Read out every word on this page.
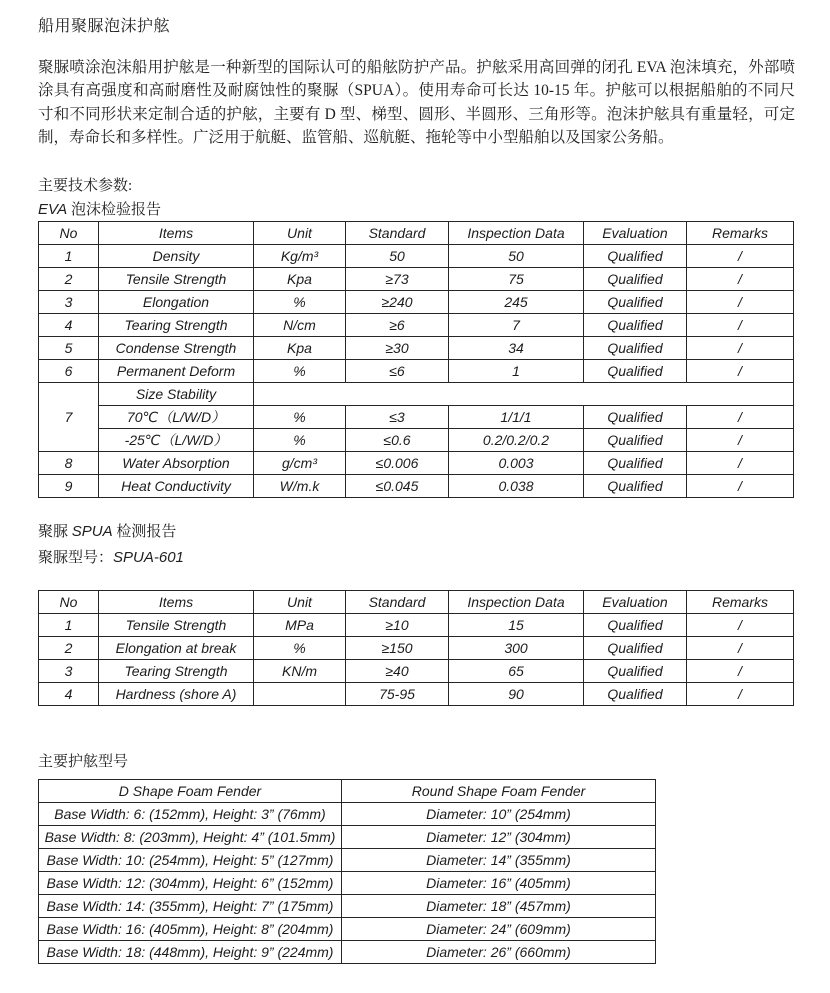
船用聚脲泡沫护舷
聚脲喷涂泡沫船用护舷是一种新型的国际认可的船舷防护产品。护舷采用高回弹的闭孔 EVA 泡沫填充，外部喷涂具有高强度和高耐磨性及耐腐蚀性的聚脲（SPUA）。使用寿命可长达 10-15 年。护舷可以根据船舶的不同尺寸和不同形状来定制合适的护舷，主要有 D 型、梯型、圆形、半圆形、三角形等。泡沫护舷具有重量轻，可定制，寿命长和多样性。广泛用于航艇、监管船、巡航艇、拖轮等中小型船舶以及国家公务船。
主要技术参数:
EVA 泡沫检验报告
No	Items	Unit	Standard	Inspection Data	Evaluation	Remarks
1	Density	Kg/m³	50	50	Qualified	/
2	Tensile Strength	Kpa	≥73	75	Qualified	/
3	Elongation	%	≥240	245	Qualified	/
4	Tearing Strength	N/cm	≥6	7	Qualified	/
5	Condense Strength	Kpa	≥30	34	Qualified	/
6	Permanent Deform	%	≤6	1	Qualified	/
7	Size Stability					
	70℃（L/W/D）	%	≤3	1/1/1	Qualified	/
	-25℃（L/W/D）	%	≤0.6	0.2/0.2/0.2	Qualified	/
8	Water Absorption	g/cm³	≤0.006	0.003	Qualified	/
9	Heat Conductivity	W/m.k	≤0.045	0.038	Qualified	/
聚脲 SPUA 检测报告
聚脲型号：SPUA-601
No	Items	Unit	Standard	Inspection Data	Evaluation	Remarks
1	Tensile Strength	MPa	≥10	15	Qualified	/
2	Elongation at break	%	≥150	300	Qualified	/
3	Tearing Strength	KN/m	≥40	65	Qualified	/
4	Hardness (shore A)		75-95	90	Qualified	/
主要护舷型号
D Shape Foam Fender	Round Shape Foam Fender
Base Width: 6: (152mm), Height: 3” (76mm)	Diameter: 10” (254mm)
Base Width: 8: (203mm), Height: 4” (101.5mm)	Diameter: 12” (304mm)
Base Width: 10: (254mm), Height: 5” (127mm)	Diameter: 14” (355mm)
Base Width: 12: (304mm), Height: 6” (152mm)	Diameter: 16” (405mm)
Base Width: 14: (355mm), Height: 7” (175mm)	Diameter: 18” (457mm)
Base Width: 16: (405mm), Height: 8” (204mm)	Diameter: 24” (609mm)
Base Width: 18: (448mm), Height: 9” (224mm)	Diameter: 26” (660mm)
